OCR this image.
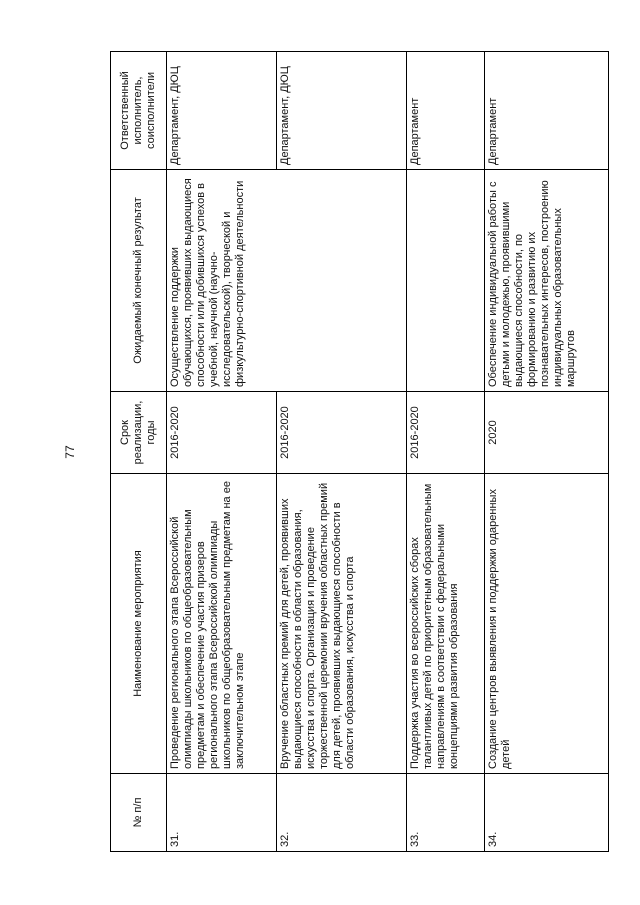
77
№ п/п	Наименование мероприятия	Срок реализации, годы	Ожидаемый конечный результат	Ответственный исполнитель, соисполнители
31.	Проведение регионального этапа Всероссийской олимпиады школьников по общеобразовательным предметам и обеспечение участия призеров регионального этапа Всероссийской олимпиады школьников по общеобразовательным предметам на ее заключительном этапе	2016-2020	Осуществление поддержки обучающихся, проявивших выдающиеся способности или добившихся успехов в учебной, научной (научно-исследовательской), творческой и физкультурно-спортивной деятельности	Департамент, ДЮЦ
32.	Вручение областных премий для детей, проявивших выдающиеся способности в области образования, искусства и спорта. Организация и проведение торжественной церемонии вручения областных премий для детей, проявивших выдающиеся способности в области образования, искусства и спорта	2016-2020		Департамент, ДЮЦ
33.	Поддержка участия во всероссийских сборах талантливых детей по приоритетным образовательным направлениям в соответствии с федеральными концепциями развития образования	2016-2020		Департамент
34.	Создание центров выявления и поддержки одаренных детей	2020	Обеспечение индивидуальной работы с детьми и молодежью, проявившими выдающиеся способности, по формированию и развитию их познавательных интересов, построению индивидуальных образовательных маршрутов	Департамент
